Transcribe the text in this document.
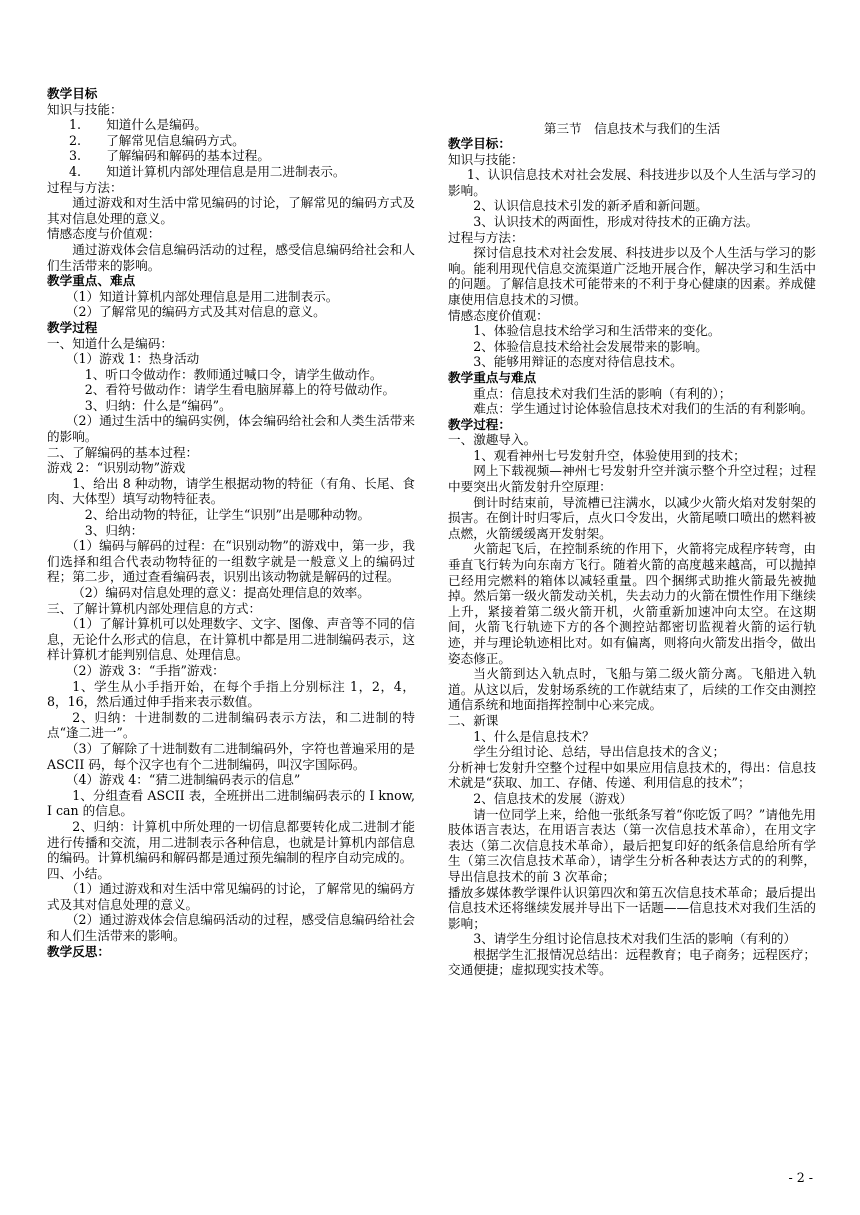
教学目标

知识与技能：

1.　　知道什么是编码。

2.　　了解常见信息编码方式。

3.　　了解编码和解码的基本过程。

4.　　知道计算机内部处理信息是用二进制表示。

过程与方法：

通过游戏和对生活中常见编码的讨论，了解常见的编码方式及其对信息处理的意义。

情感态度与价值观：

通过游戏体会信息编码活动的过程，感受信息编码给社会和人们生活带来的影响。

教学重点、难点

（1）知道计算机内部处理信息是用二进制表示。

（2）了解常见的编码方式及其对信息的意义。

教学过程

一、知道什么是编码：

（1）游戏 1：热身活动

1、听口令做动作：教师通过喊口令，请学生做动作。

2、看符号做动作：请学生看电脑屏幕上的符号做动作。

3、归纳：什么是“编码”。

（2）通过生活中的编码实例，体会编码给社会和人类生活带来的影响。

二、了解编码的基本过程：

游戏 2：“识别动物”游戏

1、给出 8 种动物，请学生根据动物的特征（有角、长尾、食肉、大体型）填写动物特征表。

2、给出动物的特征，让学生“识别”出是哪种动物。

3、归纳：

（1）编码与解码的过程：在“识别动物”的游戏中，第一步，我们选择和组合代表动物特征的一组数字就是一般意义上的编码过程；第二步，通过查看编码表，识别出该动物就是解码的过程。

（2）编码对信息处理的意义：提高处理信息的效率。

三、了解计算机内部处理信息的方式：

（1）了解计算机可以处理数字、文字、图像、声音等不同的信息，无论什么形式的信息，在计算机中都是用二进制编码表示，这样计算机才能判别信息、处理信息。

（2）游戏 3：“手指”游戏：

1、学生从小手指开始，在每个手指上分别标注 1，2，4，8，16，然后通过伸手指来表示数值。

2、归纳：十进制数的二进制编码表示方法，和二进制的特点“逢二进一”。

（3）了解除了十进制数有二进制编码外，字符也普遍采用的是 ASCII 码，每个汉字也有个二进制编码，叫汉字国际码。

（4）游戏 4：“猜二进制编码表示的信息”

1、分组查看 ASCII 表，全班拼出二进制编码表示的 I know, I can 的信息。

2、归纳：计算机中所处理的一切信息都要转化成二进制才能进行传播和交流，用二进制表示各种信息，也就是计算机内部信息的编码。计算机编码和解码都是通过预先编制的程序自动完成的。

四、小结。

（1）通过游戏和对生活中常见编码的讨论，了解常见的编码方式及其对信息处理的意义。

（2）通过游戏体会信息编码活动的过程，感受信息编码给社会和人们生活带来的影响。

教学反思：

第三节　信息技术与我们的生活

教学目标：

知识与技能：

1、认识信息技术对社会发展、科技进步以及个人生活与学习的影响。

2、认识信息技术引发的新矛盾和新问题。

3、认识技术的两面性，形成对待技术的正确方法。

过程与方法：

探讨信息技术对社会发展、科技进步以及个人生活与学习的影响。能利用现代信息交流渠道广泛地开展合作，解决学习和生活中的问题。了解信息技术可能带来的不利于身心健康的因素。养成健康使用信息技术的习惯。

情感态度价值观：

1、体验信息技术给学习和生活带来的变化。

2、体验信息技术给社会发展带来的影响。

3、能够用辩证的态度对待信息技术。

教学重点与难点

重点：信息技术对我们生活的影响（有利的）；

难点：学生通过讨论体验信息技术对我们的生活的有利影响。

教学过程：

一、激趣导入。

1、观看神州七号发射升空，体验使用到的技术；

网上下载视频—神州七号发射升空并演示整个升空过程；过程中要突出火箭发射升空原理：

倒计时结束前，导流槽已注满水，以减少火箭火焰对发射架的损害。在倒计时归零后，点火口令发出，火箭尾喷口喷出的燃料被点燃，火箭缓缓离开发射架。

火箭起飞后，在控制系统的作用下，火箭将完成程序转弯，由垂直飞行转为向东南方飞行。随着火箭的高度越来越高，可以抛掉已经用完燃料的箱体以减轻重量。四个捆绑式助推火箭最先被抛掉。然后第一级火箭发动关机，失去动力的火箭在惯性作用下继续上升，紧接着第二级火箭开机，火箭重新加速冲向太空。在这期间，火箭飞行轨迹下方的各个测控站都密切监视着火箭的运行轨迹，并与理论轨迹相比对。如有偏离，则将向火箭发出指令，做出姿态修正。

当火箭到达入轨点时，飞船与第二级火箭分离。飞船进入轨道。从这以后，发射场系统的工作就结束了，后续的工作交由测控通信系统和地面指挥控制中心来完成。

二、新课

1、什么是信息技术？

学生分组讨论、总结，导出信息技术的含义；

分析神七发射升空整个过程中如果应用信息技术的，得出：信息技术就是“获取、加工、存储、传递、利用信息的技术”；

2、信息技术的发展（游戏）

请一位同学上来，给他一张纸条写着“你吃饭了吗？”请他先用肢体语言表达，在用语言表达（第一次信息技术革命），在用文字表达（第二次信息技术革命），最后把复印好的纸条信息给所有学生（第三次信息技术革命），请学生分析各种表达方式的的利弊，导出信息技术的前 3 次革命；

播放多媒体教学课件认识第四次和第五次信息技术革命；最后提出信息技术还将继续发展并导出下一话题——信息技术对我们生活的影响；

3、请学生分组讨论信息技术对我们生活的影响（有利的）

根据学生汇报情况总结出：远程教育；电子商务；远程医疗；交通便捷；虚拟现实技术等。

- 2 -
